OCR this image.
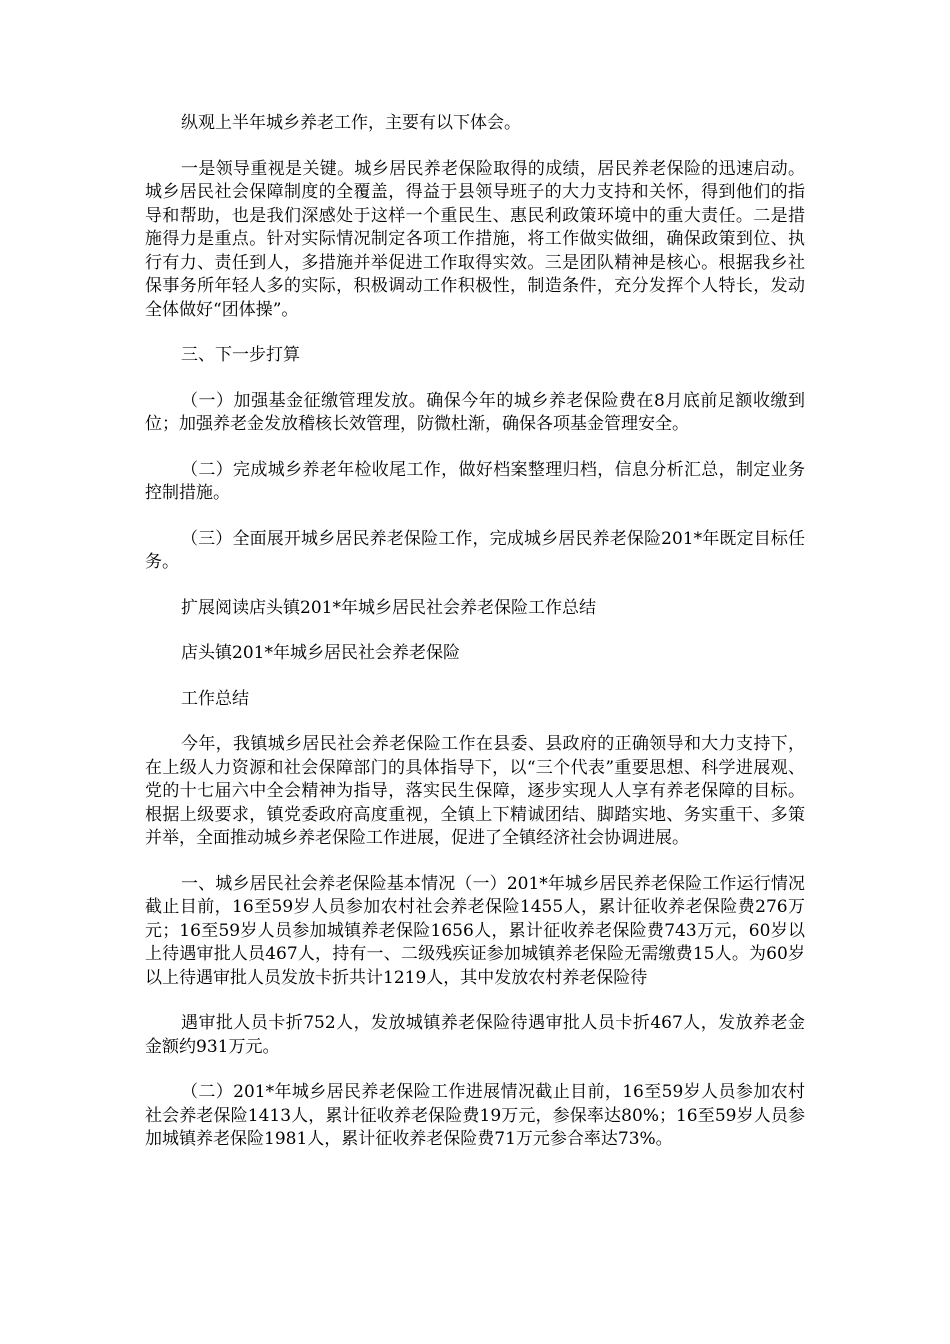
纵观上半年城乡养老工作，主要有以下体会。

一是领导重视是关键。城乡居民养老保险取得的成绩，居民养老保险的迅速启动。城乡居民社会保障制度的全覆盖，得益于县领导班子的大力支持和关怀，得到他们的指导和帮助，也是我们深感处于这样一个重民生、惠民利政策环境中的重大责任。二是措施得力是重点。针对实际情况制定各项工作措施，将工作做实做细，确保政策到位、执行有力、责任到人，多措施并举促进工作取得实效。三是团队精神是核心。根据我乡社保事务所年轻人多的实际，积极调动工作积极性，制造条件，充分发挥个人特长，发动全体做好“团体操”。

三、下一步打算

（一）加强基金征缴管理发放。确保今年的城乡养老保险费在8月底前足额收缴到位；加强养老金发放稽核长效管理，防微杜渐，确保各项基金管理安全。

（二）完成城乡养老年检收尾工作，做好档案整理归档，信息分析汇总，制定业务控制措施。

（三）全面展开城乡居民养老保险工作，完成城乡居民养老保险201*年既定目标任务。

扩展阅读店头镇201*年城乡居民社会养老保险工作总结

店头镇201*年城乡居民社会养老保险

工作总结

今年，我镇城乡居民社会养老保险工作在县委、县政府的正确领导和大力支持下，在上级人力资源和社会保障部门的具体指导下，以“三个代表”重要思想、科学进展观、党的十七届六中全会精神为指导，落实民生保障，逐步实现人人享有养老保障的目标。根据上级要求，镇党委政府高度重视，全镇上下精诚团结、脚踏实地、务实重干、多策并举，全面推动城乡养老保险工作进展，促进了全镇经济社会协调进展。

一、城乡居民社会养老保险基本情况（一）201*年城乡居民养老保险工作运行情况截止目前，16至59岁人员参加农村社会养老保险1455人，累计征收养老保险费276万元；16至59岁人员参加城镇养老保险1656人，累计征收养老保险费743万元，60岁以上待遇审批人员467人，持有一、二级残疾证参加城镇养老保险无需缴费15人。为60岁以上待遇审批人员发放卡折共计1219人，其中发放农村养老保险待

遇审批人员卡折752人，发放城镇养老保险待遇审批人员卡折467人，发放养老金金额约931万元。

（二）201*年城乡居民养老保险工作进展情况截止目前，16至59岁人员参加农村社会养老保险1413人，累计征收养老保险费19万元，参保率达80%；16至59岁人员参加城镇养老保险1981人，累计征收养老保险费71万元参合率达73%。
